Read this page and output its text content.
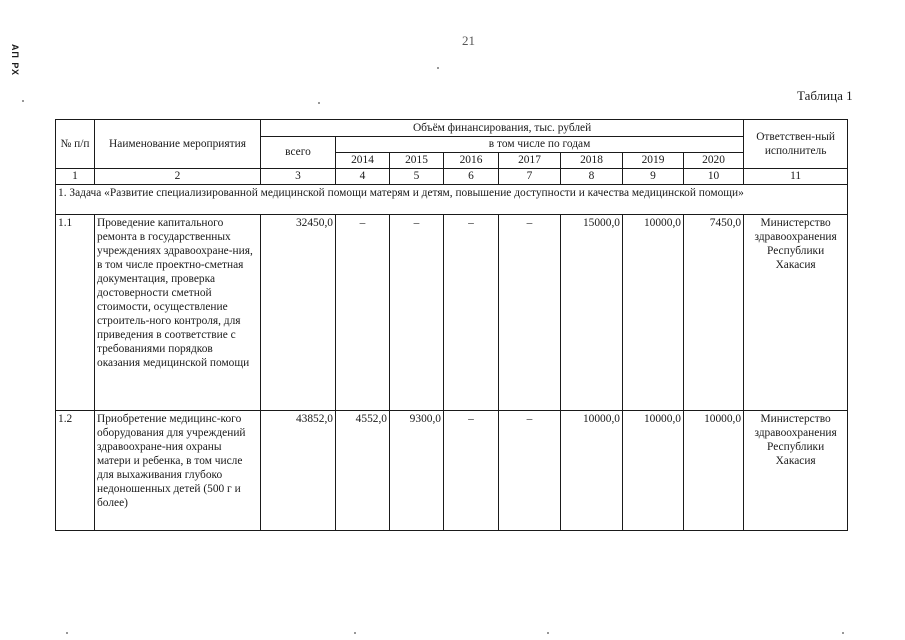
АП РХ
21
Таблица 1
№ п/п	Наименование мероприятия	Объём финансирования, тыс. рублей								Ответствен-ный исполнитель
		всего	в том числе по годам							
			2014	2015	2016	2017	2018	2019	2020	
1	2	3	4	5	6	7	8	9	10	11
1. Задача «Развитие специализированной медицинской помощи матерям и детям, повышение доступности и качества медицинской помощи»										
1.1	Проведение капитального ремонта в государственных учреждениях здравоохране-ния, в том числе проектно-сметная документация, проверка достоверности сметной стоимости, осуществление строитель-ного контроля, для приведения в соответствие с требованиями порядков оказания медицинской помощи	32450,0	–	–	–	–	15000,0	10000,0	7450,0	Министерство здравоохранения Республики Хакасия
1.2	Приобретение медицинс-кого оборудования для учреждений здравоохране-ния охраны матери и ребенка, в том числе для выхаживания глубоко недоношенных детей (500 г и более)	43852,0	4552,0	9300,0	–	–	10000,0	10000,0	10000,0	Министерство здравоохранения Республики Хакасия
